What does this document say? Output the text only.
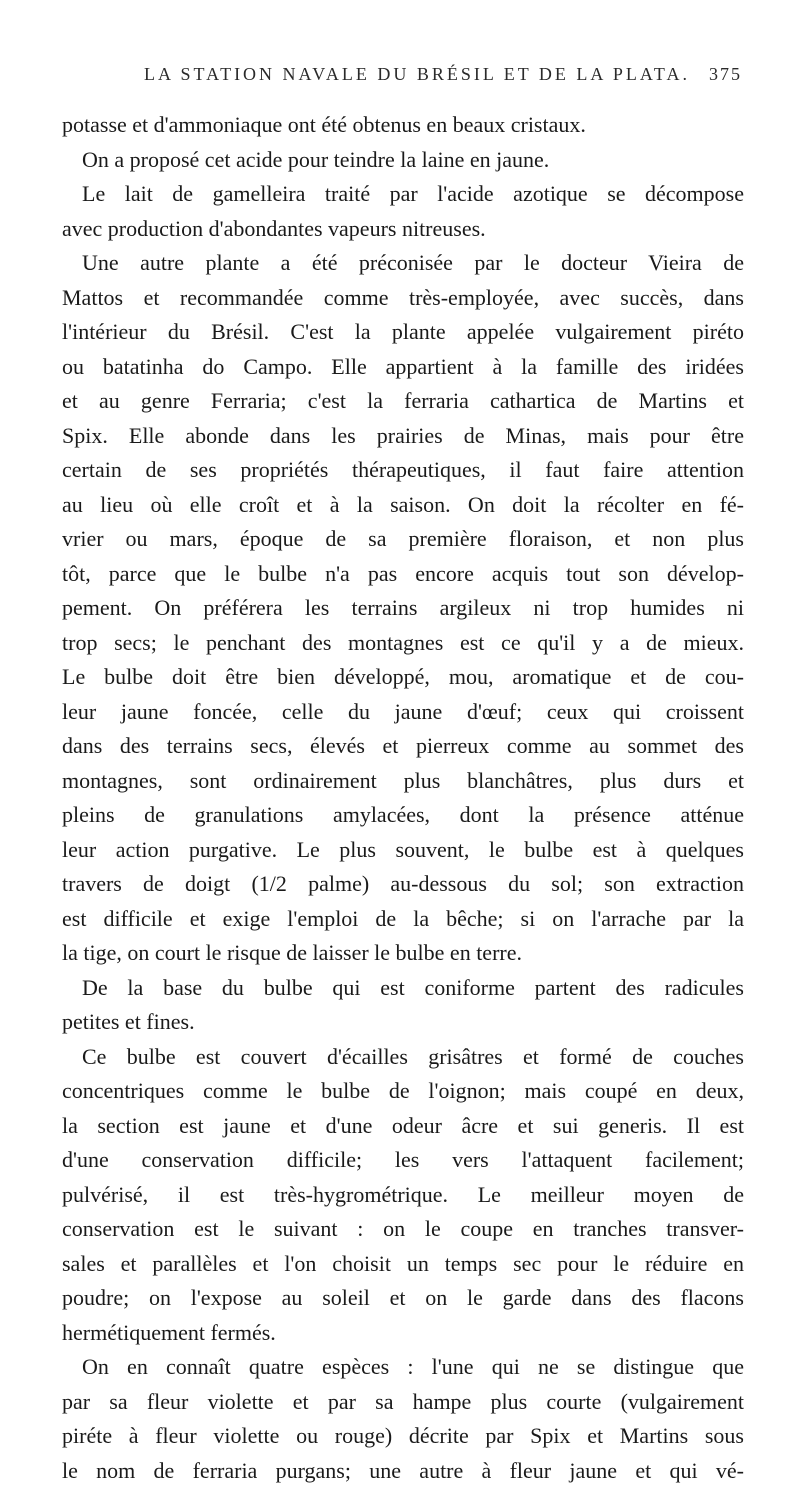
LA STATION NAVALE DU BRÉSIL ET DE LA PLATA. 375
potasse et d'ammoniaque ont été obtenus en beaux cristaux.
On a proposé cet acide pour teindre la laine en jaune.
Le lait de gamelleira traité par l'acide azotique se décompose
avec production d'abondantes vapeurs nitreuses.
Une autre plante a été préconisée par le docteur Vieira de
Mattos et recommandée comme très-employée, avec succès, dans
l'intérieur du Brésil. C'est la plante appelée vulgairement piréto
ou batatinha do Campo. Elle appartient à la famille des iridées
et au genre Ferraria; c'est la ferraria cathartica de Martins et
Spix. Elle abonde dans les prairies de Minas, mais pour être
certain de ses propriétés thérapeutiques, il faut faire attention
au lieu où elle croît et à la saison. On doit la récolter en fé-
vrier ou mars, époque de sa première floraison, et non plus
tôt, parce que le bulbe n'a pas encore acquis tout son dévelop-
pement. On préférera les terrains argileux ni trop humides ni
trop secs; le penchant des montagnes est ce qu'il y a de mieux.
Le bulbe doit être bien développé, mou, aromatique et de cou-
leur jaune foncée, celle du jaune d'œuf; ceux qui croissent
dans des terrains secs, élevés et pierreux comme au sommet des
montagnes, sont ordinairement plus blanchâtres, plus durs et
pleins de granulations amylacées, dont la présence atténue
leur action purgative. Le plus souvent, le bulbe est à quelques
travers de doigt (1/2 palme) au-dessous du sol; son extraction
est difficile et exige l'emploi de la bêche; si on l'arrache par la
la tige, on court le risque de laisser le bulbe en terre.
De la base du bulbe qui est coniforme partent des radicules
petites et fines.
Ce bulbe est couvert d'écailles grisâtres et formé de couches
concentriques comme le bulbe de l'oignon; mais coupé en deux,
la section est jaune et d'une odeur âcre et sui generis. Il est
d'une conservation difficile; les vers l'attaquent facilement;
pulvérisé, il est très-hygrométrique. Le meilleur moyen de
conservation est le suivant : on le coupe en tranches transver-
sales et parallèles et l'on choisit un temps sec pour le réduire en
poudre; on l'expose au soleil et on le garde dans des flacons
hermétiquement fermés.
On en connaît quatre espèces : l'une qui ne se distingue que
par sa fleur violette et par sa hampe plus courte (vulgairement
piréte à fleur violette ou rouge) décrite par Spix et Martins sous
le nom de ferraria purgans; une autre à fleur jaune et qui vé-
